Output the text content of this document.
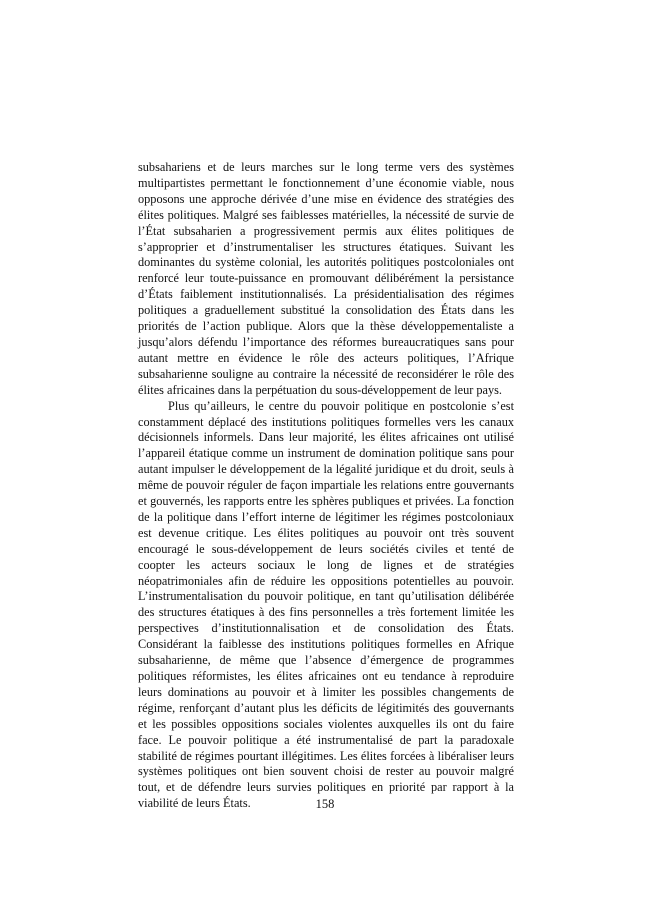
subsahariens et de leurs marches sur le long terme vers des systèmes multipartistes permettant le fonctionnement d’une économie viable, nous opposons une approche dérivée d’une mise en évidence des stratégies des élites politiques. Malgré ses faiblesses matérielles, la nécessité de survie de l’État subsaharien a progressivement permis aux élites politiques de s’approprier et d’instrumentaliser les structures étatiques. Suivant les dominantes du système colonial, les autorités politiques postcoloniales ont renforcé leur toute-puissance en promouvant délibérément la persistance d’États faiblement institutionnalisés. La présidentialisation des régimes politiques a graduellement substitué la consolidation des États dans les priorités de l’action publique. Alors que la thèse développementaliste a jusqu’alors défendu l’importance des réformes bureaucratiques sans pour autant mettre en évidence le rôle des acteurs politiques, l’Afrique subsaharienne souligne au contraire la nécessité de reconsidérer le rôle des élites africaines dans la perpétuation du sous-développement de leur pays.

Plus qu’ailleurs, le centre du pouvoir politique en postcolonie s’est constamment déplacé des institutions politiques formelles vers les canaux décisionnels informels. Dans leur majorité, les élites africaines ont utilisé l’appareil étatique comme un instrument de domination politique sans pour autant impulser le développement de la légalité juridique et du droit, seuls à même de pouvoir réguler de façon impartiale les relations entre gouvernants et gouvernés, les rapports entre les sphères publiques et privées. La fonction de la politique dans l’effort interne de légitimer les régimes postcoloniaux est devenue critique. Les élites politiques au pouvoir ont très souvent encouragé le sous-développement de leurs sociétés civiles et tenté de coopter les acteurs sociaux le long de lignes et de stratégies néopatrimoniales afin de réduire les oppositions potentielles au pouvoir. L’instrumentalisation du pouvoir politique, en tant qu’utilisation délibérée des structures étatiques à des fins personnelles a très fortement limitée les perspectives d’institutionnalisation et de consolidation des États. Considérant la faiblesse des institutions politiques formelles en Afrique subsaharienne, de même que l’absence d’émergence de programmes politiques réformistes, les élites africaines ont eu tendance à reproduire leurs dominations au pouvoir et à limiter les possibles changements de régime, renforçant d’autant plus les déficits de légitimités des gouvernants et les possibles oppositions sociales violentes auxquelles ils ont du faire face. Le pouvoir politique a été instrumentalisé de part la paradoxale stabilité de régimes pourtant illégitimes. Les élites forcées à libéraliser leurs systèmes politiques ont bien souvent choisi de rester au pouvoir malgré tout, et de défendre leurs survies politiques en priorité par rapport à la viabilité de leurs États.	158
